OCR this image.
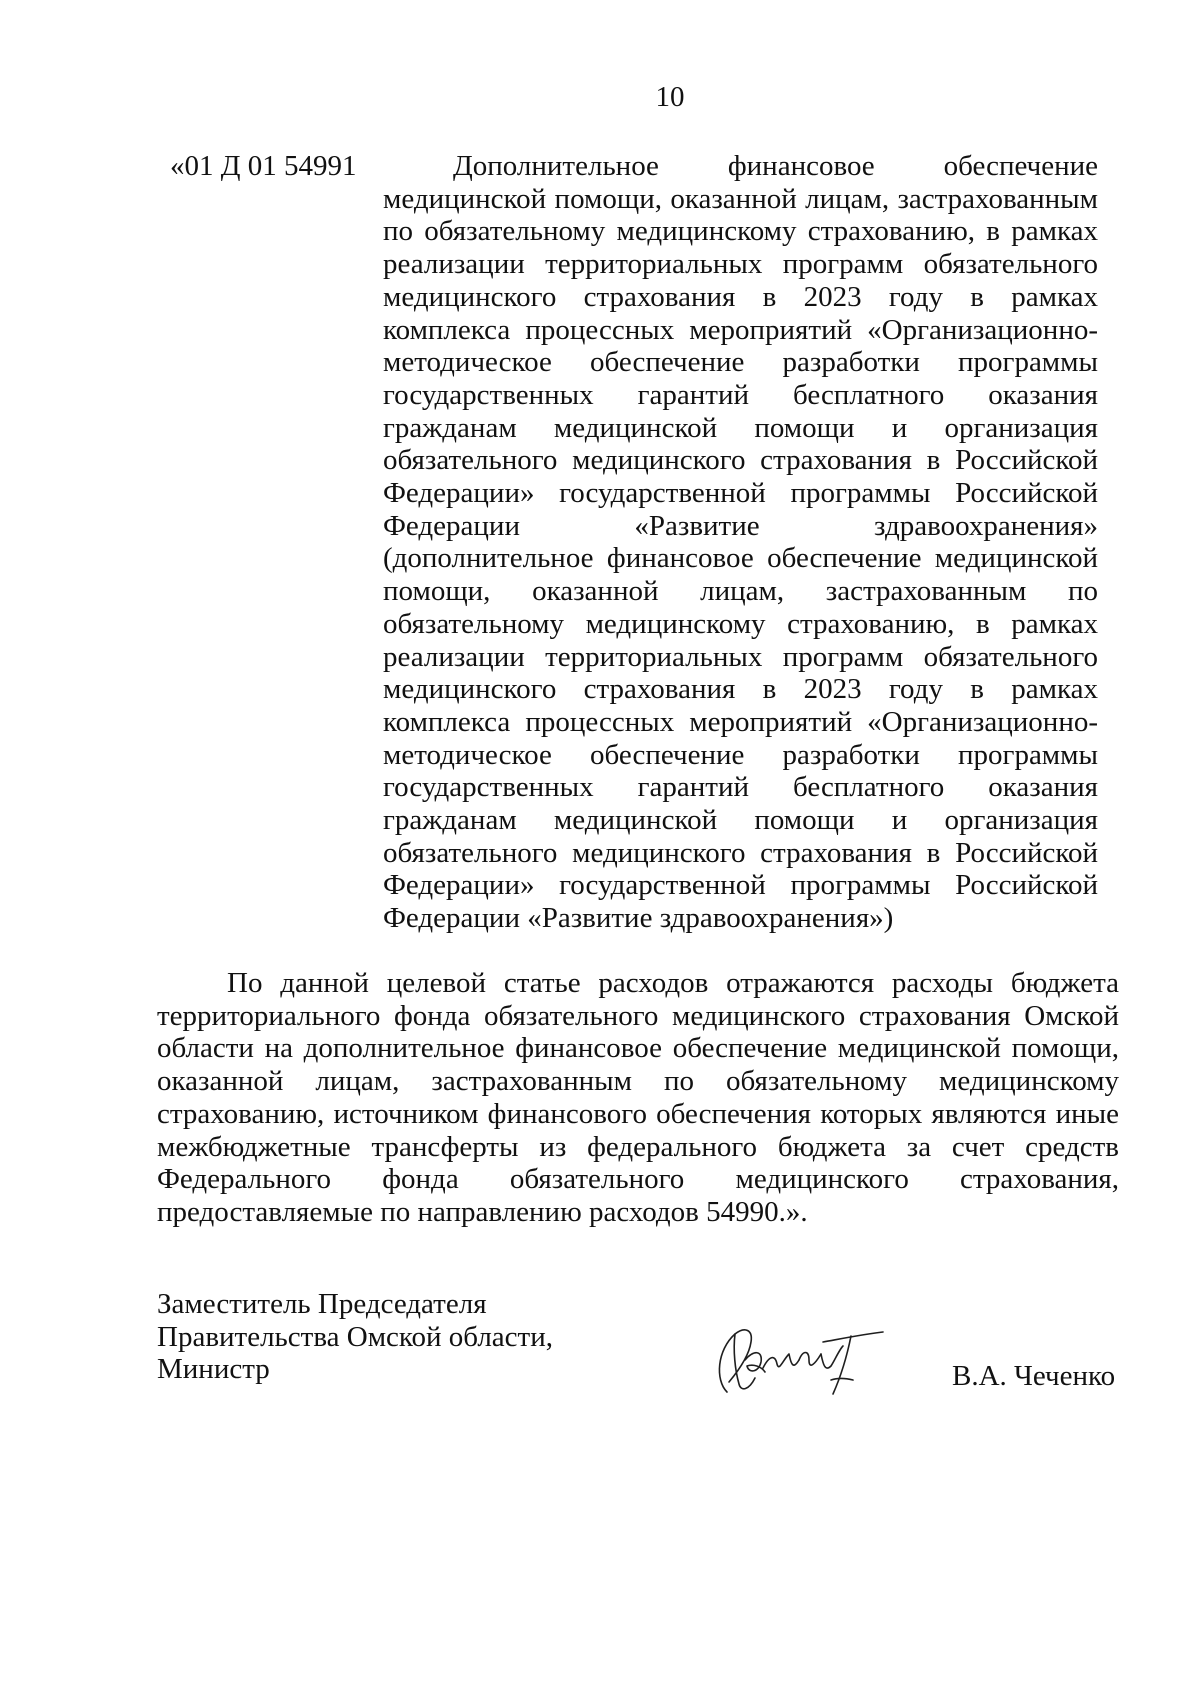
10
«01 Д 01 54991	Дополнительное финансовое обеспечение медицинской помощи, оказанной лицам, застрахованным по обязательному медицинскому страхованию, в рамках реализации территориальных программ обязательного медицинского страхования в 2023 году в рамках комплекса процессных мероприятий «Организационно-методическое обеспечение разработки программы государственных гарантий бесплатного оказания гражданам медицинской помощи и организация обязательного медицинского страхования в Российской Федерации» государственной программы Российской Федерации «Развитие здравоохранения» (дополнительное финансовое обеспечение медицинской помощи, оказанной лицам, застрахованным по обязательному медицинскому страхованию, в рамках реализации территориальных программ обязательного медицинского страхования в 2023 году в рамках комплекса процессных мероприятий «Организационно-методическое обеспечение разработки программы государственных гарантий бесплатного оказания гражданам медицинской помощи и организация обязательного медицинского страхования в Российской Федерации» государственной программы Российской Федерации «Развитие здравоохранения»)
По данной целевой статье расходов отражаются расходы бюджета территориального фонда обязательного медицинского страхования Омской области на дополнительное финансовое обеспечение медицинской помощи, оказанной лицам, застрахованным по обязательному медицинскому страхованию, источником финансового обеспечения которых являются иные межбюджетные трансферты из федерального бюджета за счет средств Федерального фонда обязательного медицинского страхования, предоставляемые по направлению расходов 54990.».
Заместитель Председателя
Правительства Омской области,
Министр	В.А. Чеченко
